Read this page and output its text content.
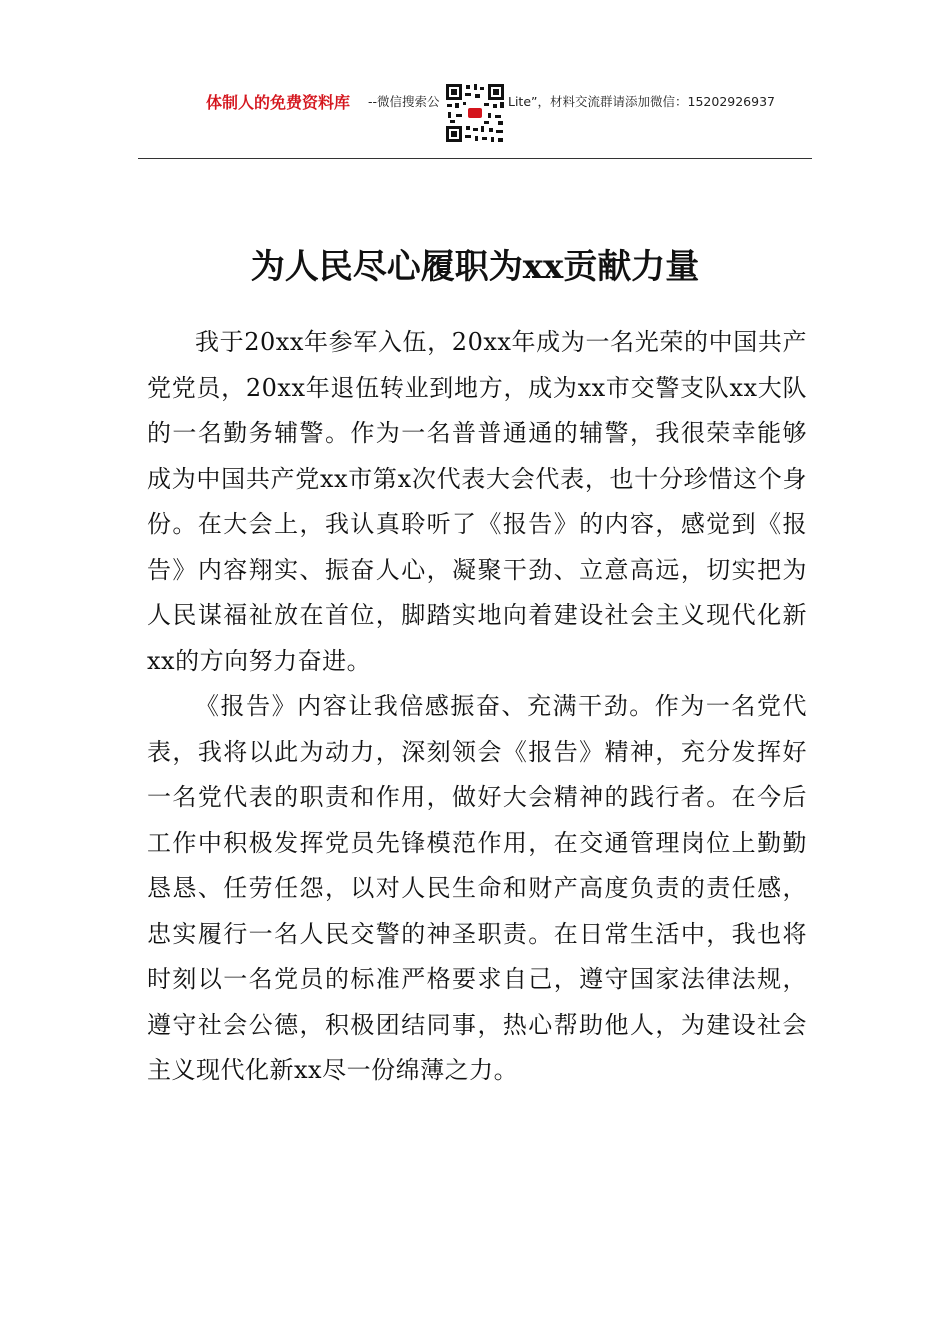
体制人的免费资料库 --微信搜索公	Lite”，材料交流群请添加微信：15202926937
为人民尽心履职为xx贡献力量

我于20xx年参军入伍，20xx年成为一名光荣的中国共产党党员，20xx年退伍转业到地方，成为xx市交警支队xx大队的一名勤务辅警。作为一名普普通通的辅警，我很荣幸能够成为中国共产党xx市第x次代表大会代表，也十分珍惜这个身份。在大会上，我认真聆听了《报告》的内容，感觉到《报告》内容翔实、振奋人心，凝聚干劲、立意高远，切实把为人民谋福祉放在首位，脚踏实地向着建设社会主义现代化新xx的方向努力奋进。

《报告》内容让我倍感振奋、充满干劲。作为一名党代表，我将以此为动力，深刻领会《报告》精神，充分发挥好一名党代表的职责和作用，做好大会精神的践行者。在今后工作中积极发挥党员先锋模范作用，在交通管理岗位上勤勤恳恳、任劳任怨，以对人民生命和财产高度负责的责任感，忠实履行一名人民交警的神圣职责。在日常生活中，我也将时刻以一名党员的标准严格要求自己，遵守国家法律法规，遵守社会公德，积极团结同事，热心帮助他人，为建设社会主义现代化新xx尽一份绵薄之力。
